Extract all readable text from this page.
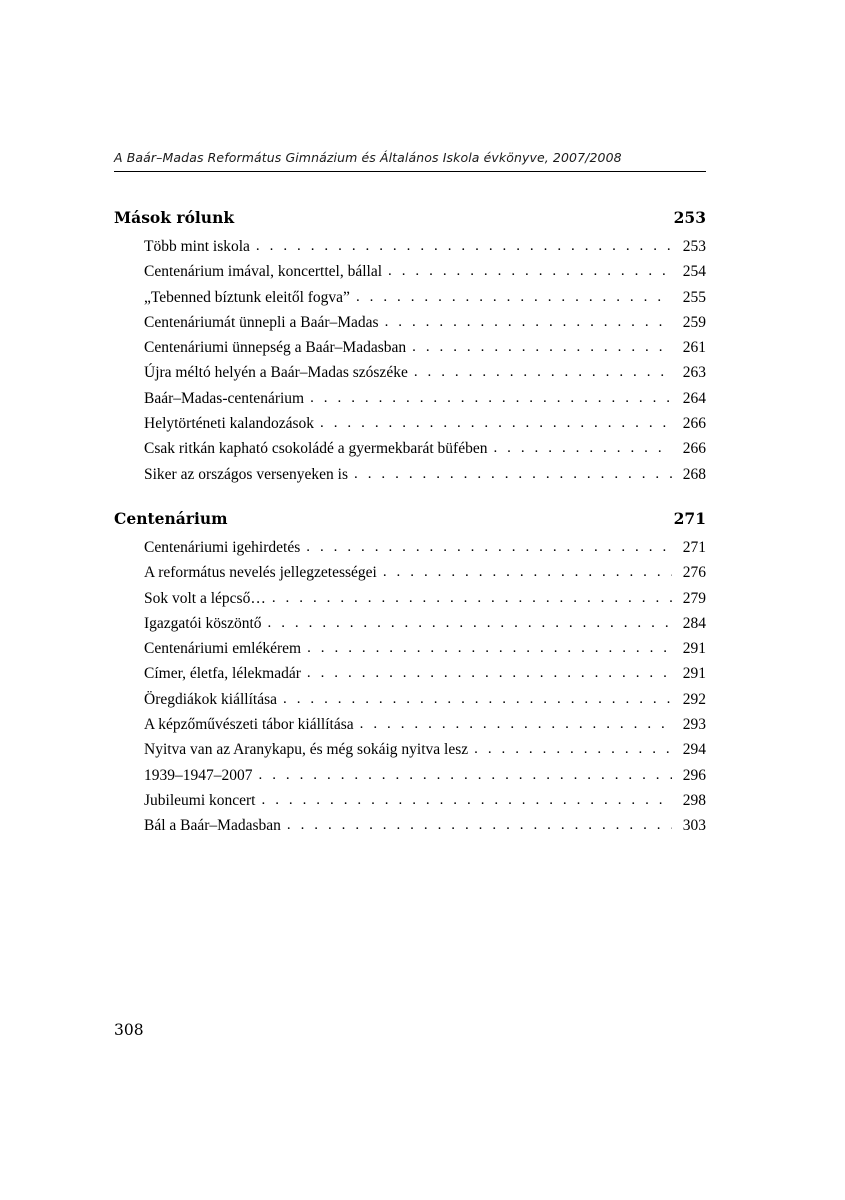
A Baár–Madas Református Gimnázium és Általános Iskola évkönyve, 2007/2008
Mások rólunk	253
Több mint iskola . . .	253
Centenárium imával, koncerttel, bállal . . .	254
„Tebenned bíztunk eleitől fogva” . . .	255
Centenáriumát ünnepli a Baár–Madas . . .	259
Centenáriumi ünnepség a Baár–Madasban . . .	261
Újra méltó helyén a Baár–Madas szószéke . . .	263
Baár–Madas-centenárium . . .	264
Helytörténeti kalandozások . . .	266
Csak ritkán kapható csokoládé a gyermekbarát büfében . . .	266
Siker az országos versenyeken is . . .	268
Centenárium	271
Centenáriumi igehirdetés . . .	271
A református nevelés jellegzetességei . . .	276
Sok volt a lépcső… . . .	279
Igazgatói köszöntő . . .	284
Centenáriumi emlékérem . . .	291
Címer, életfa, lélekmadár . . .	291
Öregdiákok kiállítása . . .	292
A képzőművészeti tábor kiállítása . . .	293
Nyitva van az Aranykapu, és még sokáig nyitva lesz . . .	294
1939–1947–2007 . . .	296
Jubileumi koncert . . .	298
Bál a Baár–Madasban . . .	303
308
